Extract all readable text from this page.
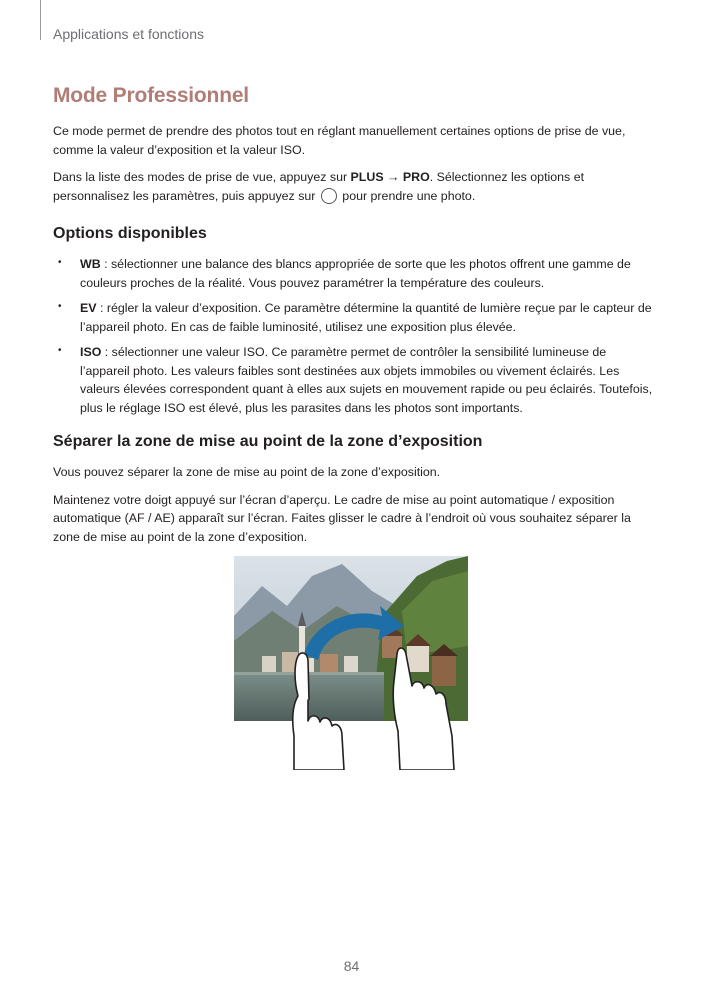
Applications et fonctions
Mode Professionnel

Ce mode permet de prendre des photos tout en réglant manuellement certaines options de prise de vue, comme la valeur d’exposition et la valeur ISO.

Dans la liste des modes de prise de vue, appuyez sur PLUS → PRO. Sélectionnez les options et personnalisez les paramètres, puis appuyez sur  pour prendre une photo.

Options disponibles
• WB : sélectionner une balance des blancs appropriée de sorte que les photos offrent une gamme de couleurs proches de la réalité. Vous pouvez paramétrer la température des couleurs.
• EV : régler la valeur d’exposition. Ce paramètre détermine la quantité de lumière reçue par le capteur de l’appareil photo. En cas de faible luminosité, utilisez une exposition plus élevée.
• ISO : sélectionner une valeur ISO. Ce paramètre permet de contrôler la sensibilité lumineuse de l’appareil photo. Les valeurs faibles sont destinées aux objets immobiles ou vivement éclairés. Les valeurs élevées correspondent quant à elles aux sujets en mouvement rapide ou peu éclairés. Toutefois, plus le réglage ISO est élevé, plus les parasites dans les photos sont importants.
Séparer la zone de mise au point de la zone d’exposition

Vous pouvez séparer la zone de mise au point de la zone d’exposition.

Maintenez votre doigt appuyé sur l’écran d’aperçu. Le cadre de mise au point automatique / exposition automatique (AF / AE) apparaît sur l’écran. Faites glisser le cadre à l’endroit où vous souhaitez séparer la zone de mise au point de la zone d’exposition.

84
